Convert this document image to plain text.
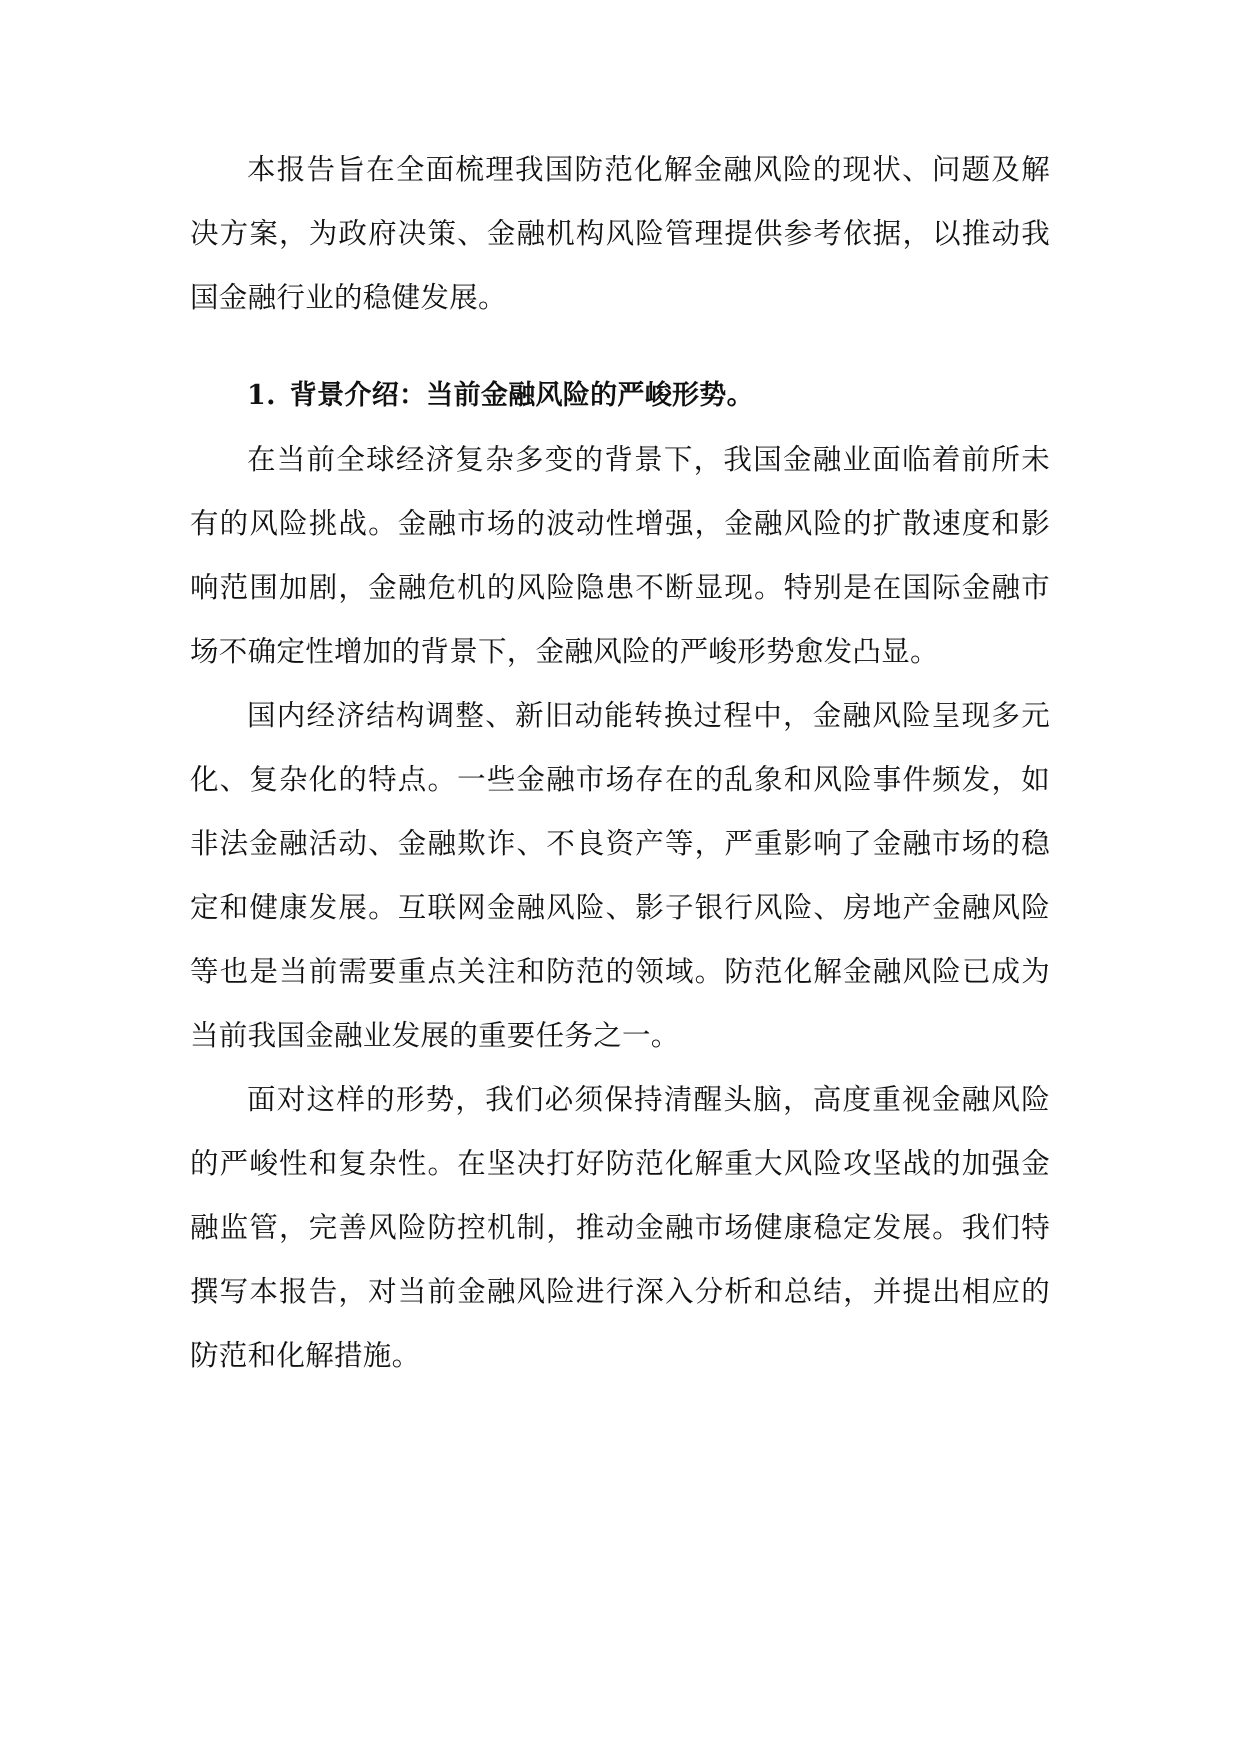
本报告旨在全面梳理我国防范化解金融风险的现状、问题及解决方案，为政府决策、金融机构风险管理提供参考依据，以推动我国金融行业的稳健发展。

1. 背景介绍：当前金融风险的严峻形势。

在当前全球经济复杂多变的背景下，我国金融业面临着前所未有的风险挑战。金融市场的波动性增强，金融风险的扩散速度和影响范围加剧，金融危机的风险隐患不断显现。特别是在国际金融市场不确定性增加的背景下，金融风险的严峻形势愈发凸显。

国内经济结构调整、新旧动能转换过程中，金融风险呈现多元化、复杂化的特点。一些金融市场存在的乱象和风险事件频发，如非法金融活动、金融欺诈、不良资产等，严重影响了金融市场的稳定和健康发展。互联网金融风险、影子银行风险、房地产金融风险等也是当前需要重点关注和防范的领域。防范化解金融风险已成为当前我国金融业发展的重要任务之一。

面对这样的形势，我们必须保持清醒头脑，高度重视金融风险的严峻性和复杂性。在坚决打好防范化解重大风险攻坚战的加强金融监管，完善风险防控机制，推动金融市场健康稳定发展。我们特撰写本报告，对当前金融风险进行深入分析和总结，并提出相应的防范和化解措施。
